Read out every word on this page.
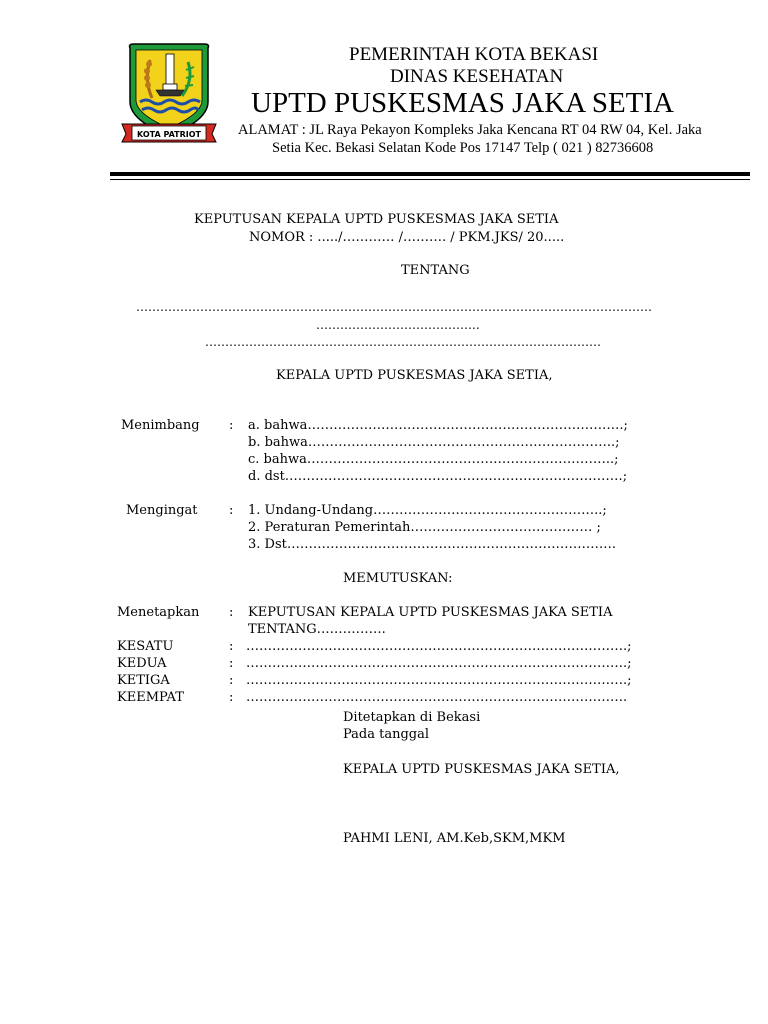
KOTA PATRIOT
PEMERINTAH KOTA BEKASI
DINAS KESEHATAN
UPTD PUSKESMAS JAKA SETIA
ALAMAT : JL Raya Pekayon Kompleks Jaka Kencana RT 04 RW 04, Kel. Jaka
Setia Kec. Bekasi Selatan Kode Pos 17147 Telp ( 021 ) 82736608
KEPUTUSAN KEPALA UPTD PUSKESMAS JAKA SETIA
NOMOR : ...../………… /………. / PKM.JKS/ 20.....
TENTANG
…………………………………………………………………………………………………………………
…………………………………..
………………………………………………………………………………………
KEPALA UPTD PUSKESMAS JAKA SETIA,
Menimbang : a. bahwa……………………………………………………………….;
b. bahwa……………………………………………………………..;
c. bahwa……………………………………………………………..;
d. dst……………………………………………………………………;
Mengingat : 1. Undang-Undang……………………………………………..;
2. Peraturan Pemerintah…………………………………… ;
3. Dst………………………………………………………………….
MEMUTUSKAN:
Menetapkan : KEPUTUSAN KEPALA UPTD PUSKESMAS JAKA SETIA
TENTANG…………….
KESATU	: …………………………………………………………………………….;
KEDUA	: …………………………………………………………………………….;
KETIGA	: …………………………………………………………………………….;
KEEMPAT	: …………………………………………………………………………….
Ditetapkan di Bekasi
Pada tanggal
KEPALA UPTD PUSKESMAS JAKA SETIA,
PAHMI LENI, AM.Keb,SKM,MKM
